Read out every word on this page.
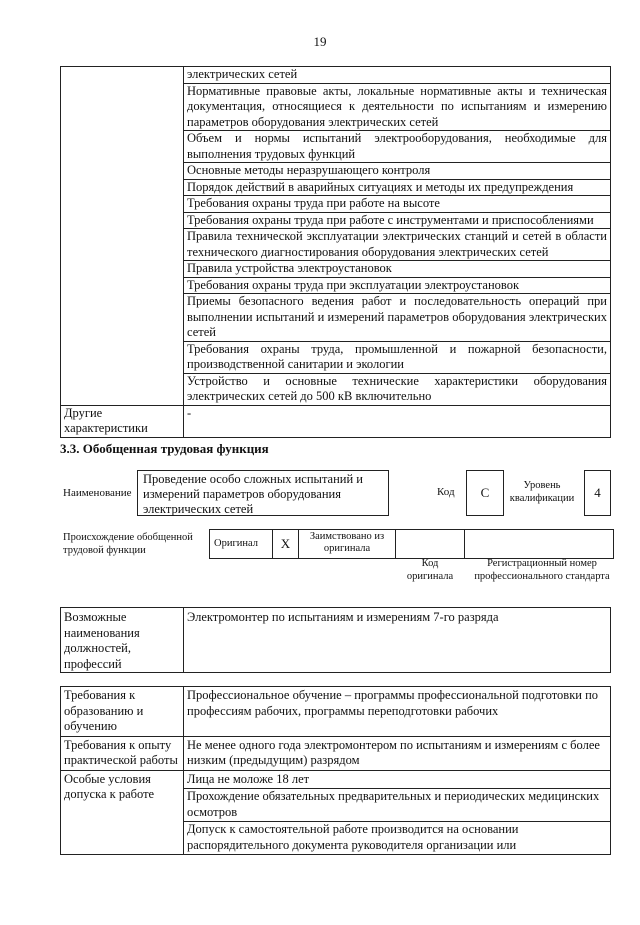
19
	электрических сетей
	Нормативные правовые акты, локальные нормативные акты и техническая документация, относящиеся к деятельности по испытаниям и измерению параметров оборудования электрических сетей
	Объем и нормы испытаний электрооборудования, необходимые для выполнения трудовых функций
	Основные методы неразрушающего контроля
	Порядок действий в аварийных ситуациях и методы их предупреждения
	Требования охраны труда при работе на высоте
	Требования охраны труда при работе с инструментами и приспособлениями
	Правила технической эксплуатации электрических станций и сетей в области технического диагностирования оборудования электрических сетей
	Правила устройства электроустановок
	Требования охраны труда при эксплуатации электроустановок
	Приемы безопасного ведения работ и последовательность операций при выполнении испытаний и измерений параметров оборудования электрических сетей
	Требования охраны труда, промышленной и пожарной безопасности, производственной санитарии и экологии
	Устройство и основные технические характеристики оборудования электрических сетей до 500 кВ включительно
Другие характеристики	-
3.3. Обобщенная трудовая функция
Наименование
Проведение особо сложных испытаний и измерений параметров оборудования электрических сетей
Код	C	Уровень квалификации	4
Происхождение обобщенной трудовой функции
Оригинал	X	Заимствовано из оригинала		
Код оригинала
Регистрационный номер профессионального стандарта
Возможные наименования должностей, профессий	Электромонтер по испытаниям и измерениям 7-го разряда
Требования к образованию и обучению	Профессиональное обучение – программы профессиональной подготовки по профессиям рабочих, программы переподготовки рабочих
Требования к опыту практической работы	Не менее одного года электромонтером по испытаниям и измерениям с более низким (предыдущим) разрядом
Особые условия допуска к работе	Лица не моложе 18 лет
Прохождение обязательных предварительных и периодических медицинских осмотров
Допуск к самостоятельной работе производится на основании распорядительного документа руководителя организации или
